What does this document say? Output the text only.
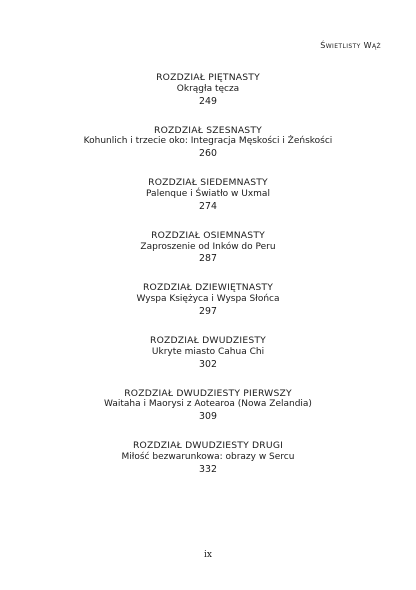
Świetlisty Wąż
ROZDZIAŁ PIĘTNASTY
Okrągła tęcza
249
ROZDZIAŁ SZESNASTY
Kohunlich i trzecie oko: Integracja Męskości i Żeńskości
260
ROZDZIAŁ SIEDEMNASTY
Palenque i Światło w Uxmal
274
ROZDZIAŁ OSIEMNASTY
Zaproszenie od Inków do Peru
287
ROZDZIAŁ DZIEWIĘTNASTY
Wyspa Księżyca i Wyspa Słońca
297
ROZDZIAŁ DWUDZIESTY
Ukryte miasto Cahua Chi
302
ROZDZIAŁ DWUDZIESTY PIERWSZY
Waitaha i Maorysi z Aotearoa (Nowa Zelandia)
309
ROZDZIAŁ DWUDZIESTY DRUGI
Miłość bezwarunkowa: obrazy w Sercu
332
ix
